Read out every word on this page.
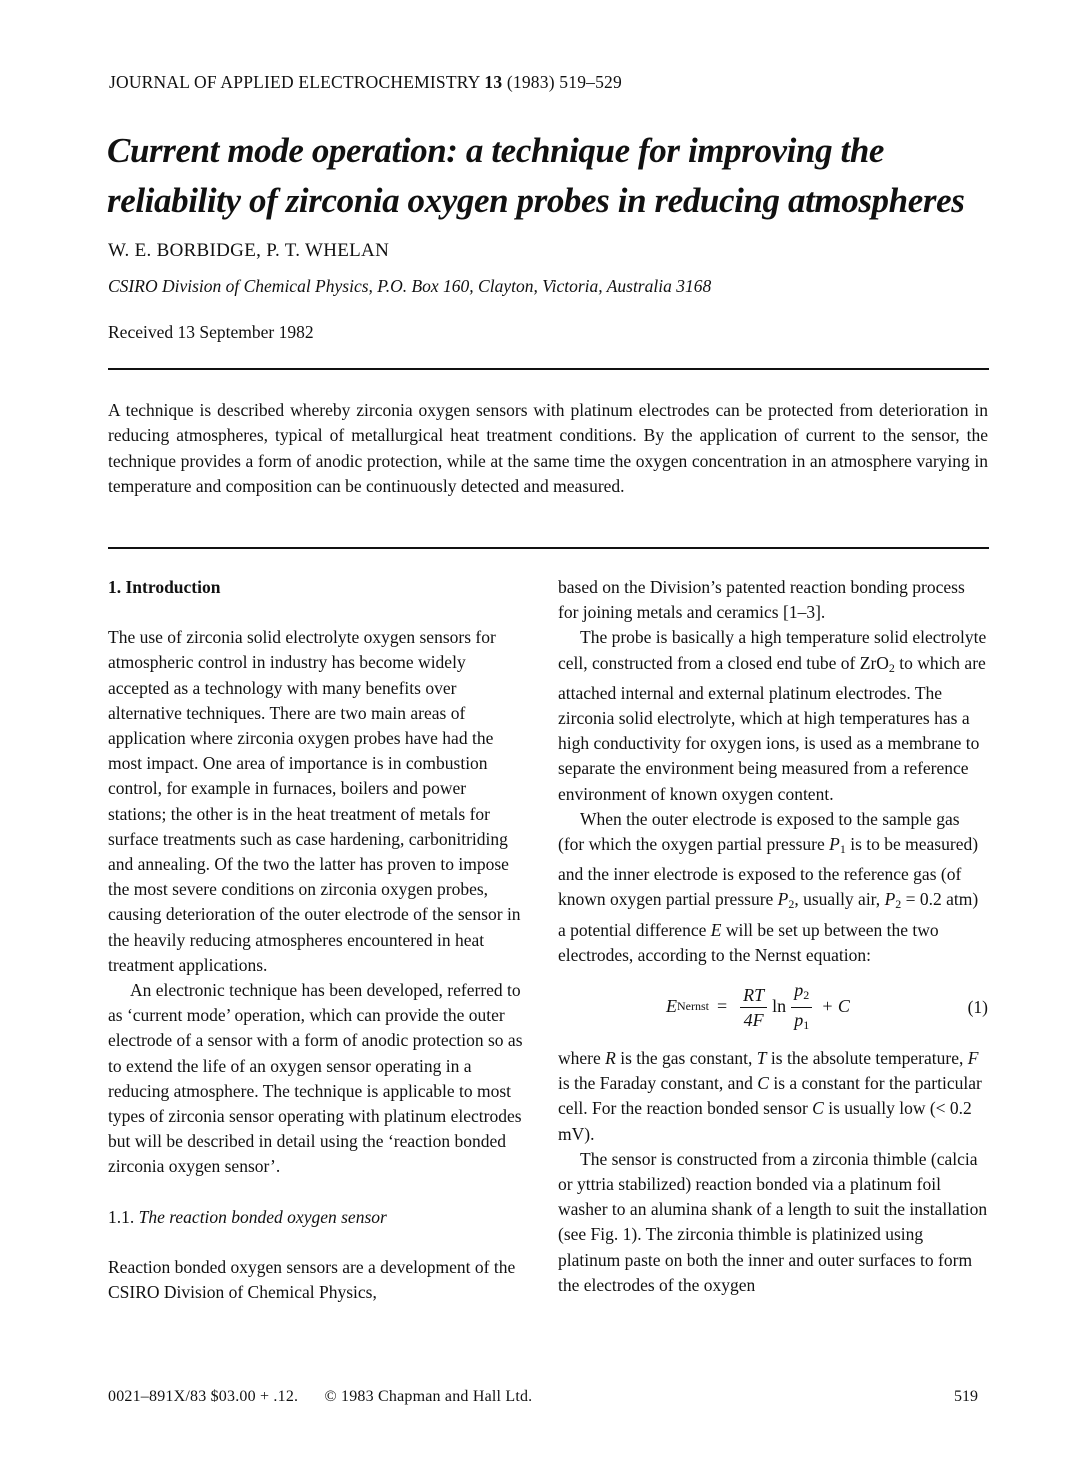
JOURNAL OF APPLIED ELECTROCHEMISTRY 13 (1983) 519–529
Current mode operation: a technique for improving the
reliability of zirconia oxygen probes in reducing atmospheres
W. E. BORBIDGE, P. T. WHELAN
CSIRO Division of Chemical Physics, P.O. Box 160, Clayton, Victoria, Australia 3168
Received 13 September 1982
A technique is described whereby zirconia oxygen sensors with platinum electrodes can be protected from deterioration in reducing atmospheres, typical of metallurgical heat treatment conditions. By the application of current to the sensor, the technique provides a form of anodic protection, while at the same time the oxygen concentration in an atmosphere varying in temperature and composition can be continuously detected and measured.

1. Introduction

The use of zirconia solid electrolyte oxygen sensors for atmospheric control in industry has become widely accepted as a technology with many benefits over alternative techniques. There are two main areas of application where zirconia oxygen probes have had the most impact. One area of importance is in combustion control, for example in furnaces, boilers and power stations; the other is in the heat treatment of metals for surface treatments such as case hardening, carbonitriding and annealing. Of the two the latter has proven to impose the most severe conditions on zirconia oxygen probes, causing deterioration of the outer electrode of the sensor in the heavily reducing atmospheres encountered in heat treatment applications.

An electronic technique has been developed, referred to as ‘current mode’ operation, which can provide the outer electrode of a sensor with a form of anodic protection so as to extend the life of an oxygen sensor operating in a reducing atmosphere. The technique is applicable to most types of zirconia sensor operating with platinum electrodes but will be described in detail using the ‘reaction bonded zirconia oxygen sensor’.

1.1. The reaction bonded oxygen sensor

Reaction bonded oxygen sensors are a development of the CSIRO Division of Chemical Physics,

based on the Division’s patented reaction bonding process for joining metals and ceramics [1–3].

The probe is basically a high temperature solid electrolyte cell, constructed from a closed end tube of ZrO$_2$ to which are attached internal and external platinum electrodes. The zirconia solid electrolyte, which at high temperatures has a high conductivity for oxygen ions, is used as a membrane to separate the environment being measured from a reference environment of known oxygen content.

When the outer electrode is exposed to the sample gas (for which the oxygen partial pressure $P_1$ is to be measured) and the inner electrode is exposed to the reference gas (of known oxygen partial pressure $P_2$, usually air, $P_2 = 0.2$ atm) a potential difference E will be set up between the two electrodes, according to the Nernst equation:

E Nernst = $\frac{RT}{4F}$ $\ln \frac{p_2}{p_1} + C$	(1)

where R is the gas constant, T is the absolute temperature, F is the Faraday constant, and C is a constant for the particular cell. For the reaction bonded sensor C is usually low (< 0.2 mV).

The sensor is constructed from a zirconia thimble (calcia or yttria stabilized) reaction bonded via a platinum foil washer to an alumina shank of a length to suit the installation (see Fig. 1). The zirconia thimble is platinized using platinum paste on both the inner and outer surfaces to form the electrodes of the oxygen

0021–891X/83 $03.00 + .12. © 1983 Chapman and Hall Ltd.	519
